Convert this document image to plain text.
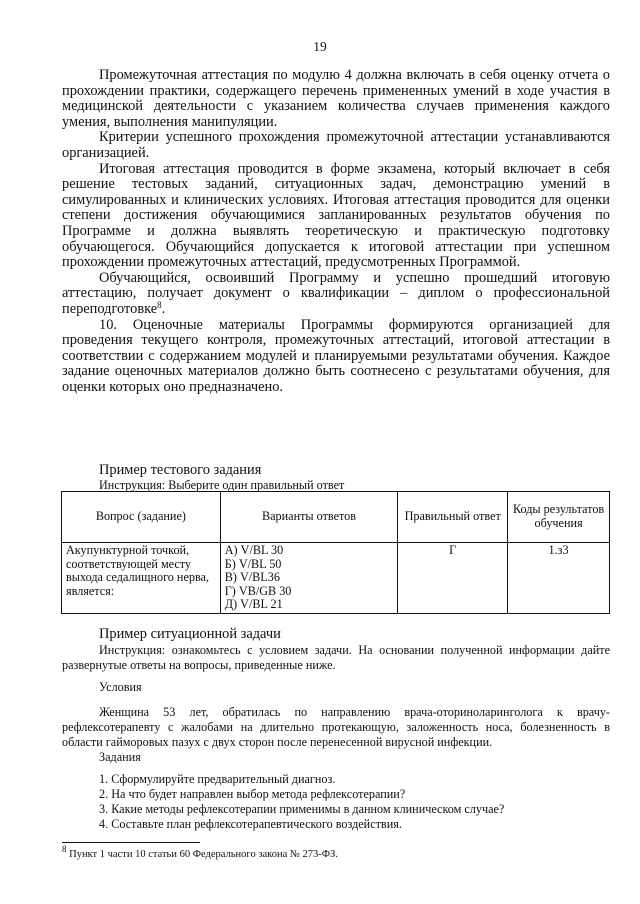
19

Промежуточная аттестация по модулю 4 должна включать в себя оценку отчета о прохождении практики, содержащего перечень примененных умений в ходе участия в медицинской деятельности с указанием количества случаев применения каждого умения, выполнения манипуляции.

Критерии успешного прохождения промежуточной аттестации устанавливаются организацией.

Итоговая аттестация проводится в форме экзамена, который включает в себя решение тестовых заданий, ситуационных задач, демонстрацию умений в симулированных и клинических условиях. Итоговая аттестация проводится для оценки степени достижения обучающимися запланированных результатов обучения по Программе и должна выявлять теоретическую и практическую подготовку обучающегося. Обучающийся допускается к итоговой аттестации при успешном прохождении промежуточных аттестаций, предусмотренных Программой.

Обучающийся, освоивший Программу и успешно прошедший итоговую аттестацию, получает документ о квалификации – диплом о профессиональной переподготовке$^8$.

10. Оценочные материалы Программы формируются организацией для проведения текущего контроля, промежуточных аттестаций, итоговой аттестации в соответствии с содержанием модулей и планируемыми результатами обучения. Каждое задание оценочных материалов должно быть соотнесено с результатами обучения, для оценки которых оно предназначено.

Пример тестового задания
Инструкция: Выберите один правильный ответ
Вопрос (задание)	Варианты ответов	Правильный ответ	Коды результатов обучения
Акупунктурной точкой, соответствующей месту выхода седалищного нерва, является:	А) V/BL 30
Б) V/BL 50
В) V/BL36
Г) VB/GB 30
Д) V/BL 21	Г	1.з3
Пример ситуационной задачи

Инструкция: ознакомьтесь с условием задачи. На основании полученной информации дайте развернутые ответы на вопросы, приведенные ниже.

Условия

Женщина 53 лет, обратилась по направлению врача-оториноларинголога к врачу-рефлексотерапевту с жалобами на длительно протекающую, заложенность носа, болезненность в области гайморовых пазух с двух сторон после перенесенной вирусной инфекции.

Задания
1. Сформулируйте предварительный диагноз.
2. На что будет направлен выбор метода рефлексотерапии?
3. Какие методы рефлексотерапии применимы в данном клиническом случае?
4. Составьте план рефлексотерапевтического воздействия.
$^8$ Пункт 1 части 10 статьи 60 Федерального закона № 273-ФЗ.
